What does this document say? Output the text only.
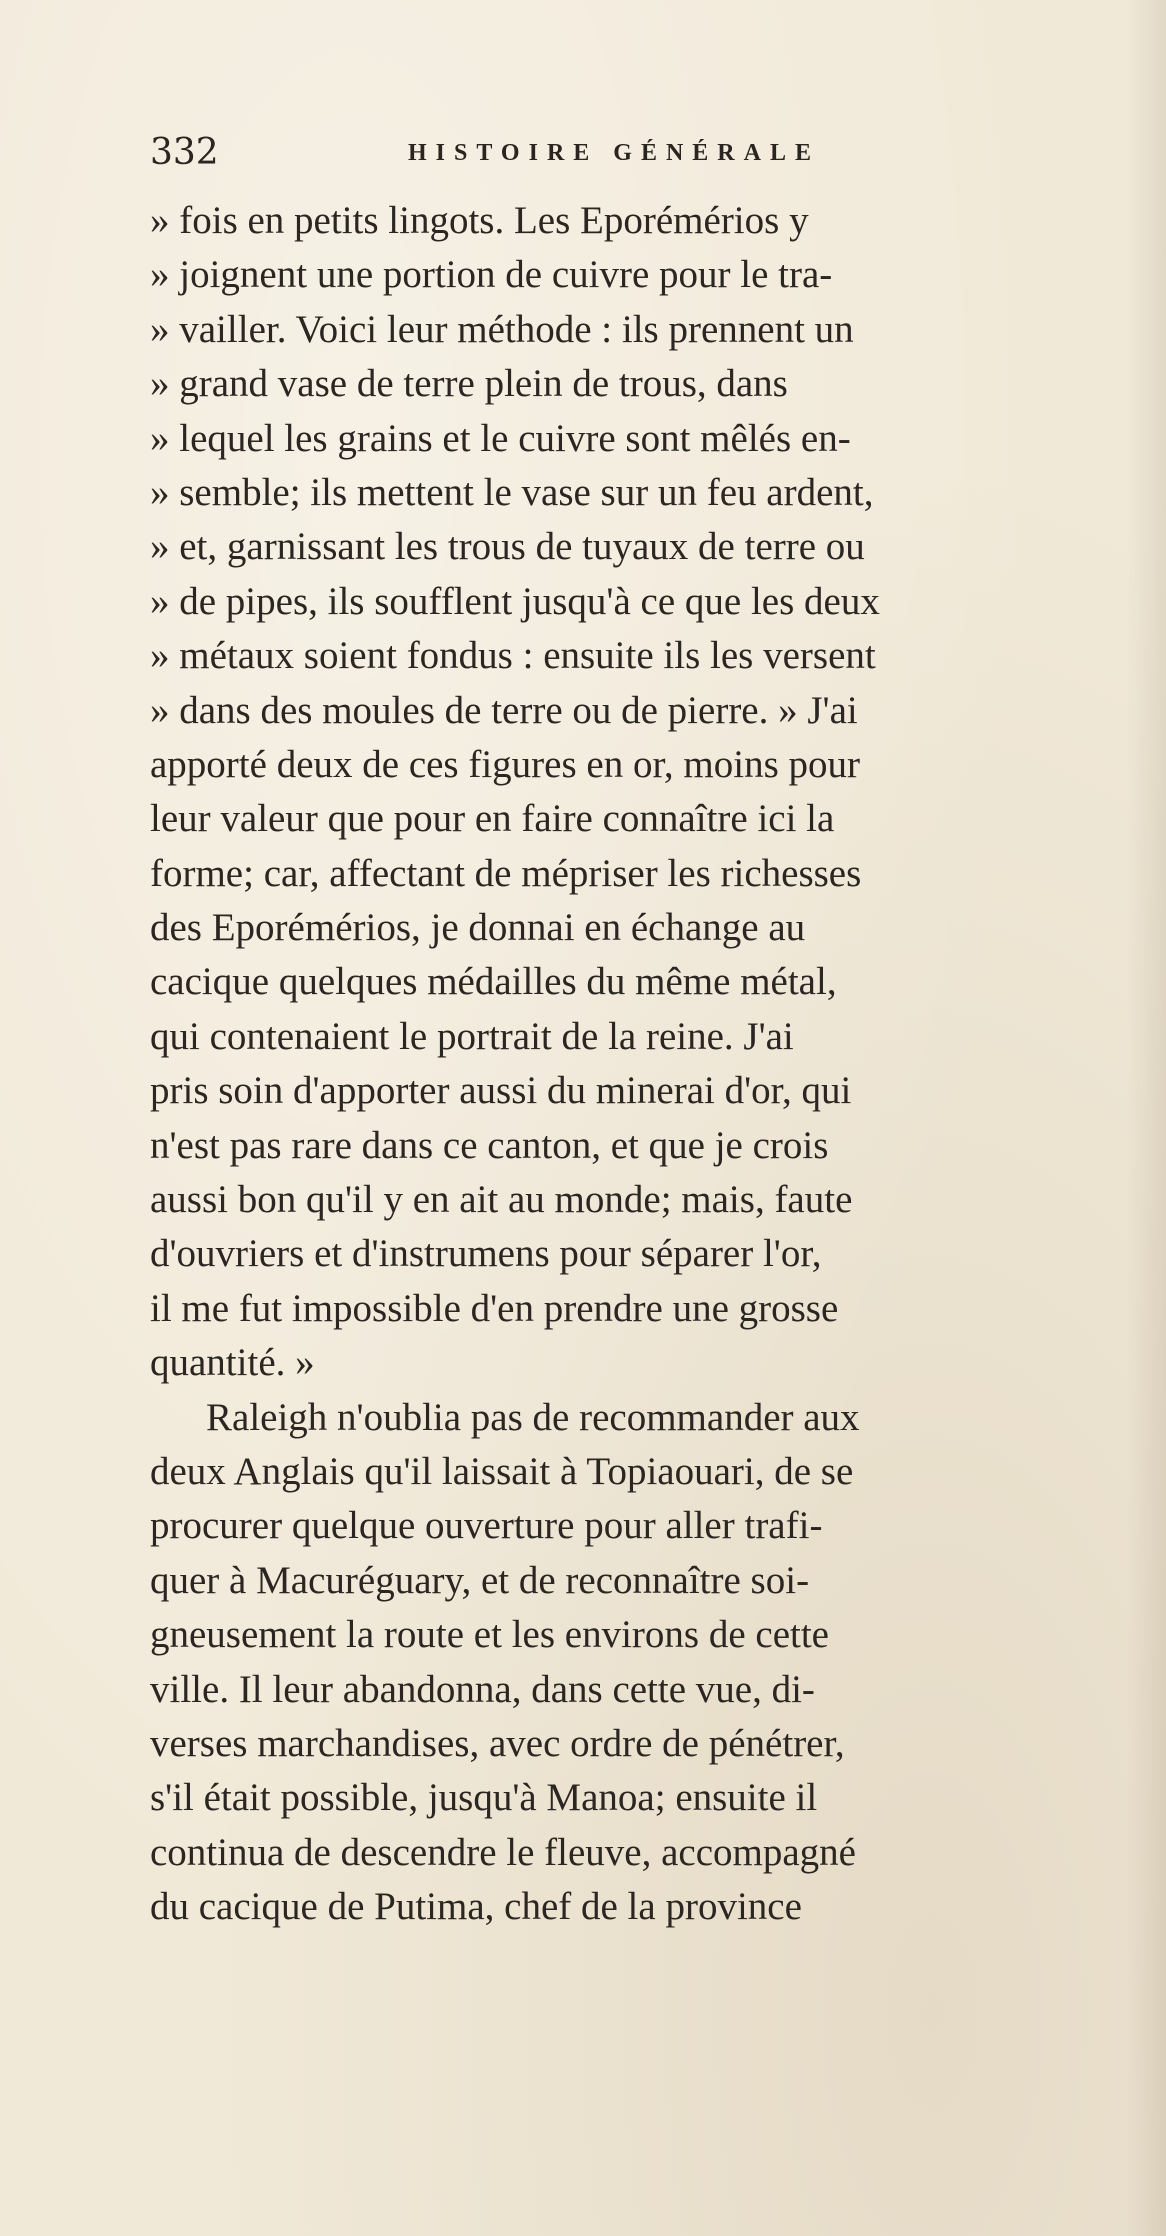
332	HISTOIRE GÉNÉRALE
» fois en petits lingots. Les Eporémérios y
» joignent une portion de cuivre pour le tra-
» vailler. Voici leur méthode : ils prennent un
» grand vase de terre plein de trous, dans
» lequel les grains et le cuivre sont mêlés en-
» semble; ils mettent le vase sur un feu ardent,
» et, garnissant les trous de tuyaux de terre ou
» de pipes, ils soufflent jusqu'à ce que les deux
» métaux soient fondus : ensuite ils les versent
» dans des moules de terre ou de pierre. » J'ai
apporté deux de ces figures en or, moins pour
leur valeur que pour en faire connaître ici la
forme; car, affectant de mépriser les richesses
des Eporémérios, je donnai en échange au
cacique quelques médailles du même métal,
qui contenaient le portrait de la reine. J'ai
pris soin d'apporter aussi du minerai d'or, qui
n'est pas rare dans ce canton, et que je crois
aussi bon qu'il y en ait au monde; mais, faute
d'ouvriers et d'instrumens pour séparer l'or,
il me fut impossible d'en prendre une grosse
quantité. »
Raleigh n'oublia pas de recommander aux
deux Anglais qu'il laissait à Topiaouari, de se
procurer quelque ouverture pour aller trafi-
quer à Macuréguary, et de reconnaître soi-
gneusement la route et les environs de cette
ville. Il leur abandonna, dans cette vue, di-
verses marchandises, avec ordre de pénétrer,
s'il était possible, jusqu'à Manoa; ensuite il
continua de descendre le fleuve, accompagné
du cacique de Putima, chef de la province
